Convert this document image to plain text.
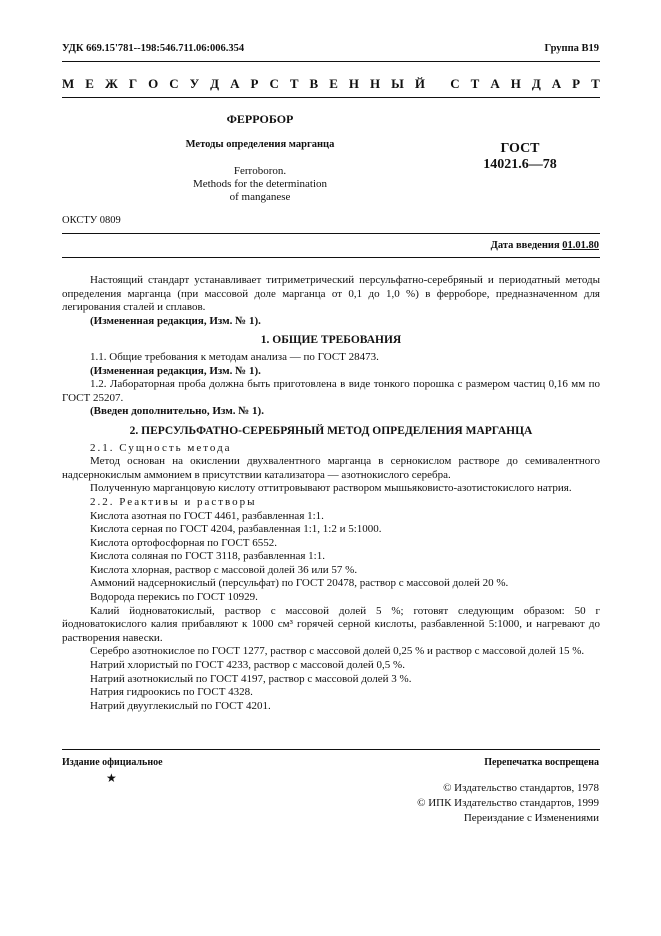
УДК 669.15'781--198:546.711.06:006.354	Группа В19
М Е Ж Г О С У Д А Р С Т В Е Н Н Ы Й
С Т А Н Д А Р Т
ФЕРРОБОР
Методы определения марганца
Ferroboron.
Methods for the determination
of manganese
ГОСТ
14021.6—78
ОКСТУ 0809
Дата введения 01.01.80

Настоящий стандарт устанавливает титриметрический персульфатно-серебряный и периодатный методы определения марганца (при массовой доле марганца от 0,1 до 1,0 %) в ферроборе, предназначенном для легирования сталей и сплавов.

(Измененная редакция, Изм. № 1).

1. ОБЩИЕ ТРЕБОВАНИЯ

1.1. Общие требования к методам анализа — по ГОСТ 28473.

(Измененная редакция, Изм. № 1).

1.2. Лабораторная проба должна быть приготовлена в виде тонкого порошка с размером частиц 0,16 мм по ГОСТ 25207.

(Введен дополнительно, Изм. № 1).

2. ПЕРСУЛЬФАТНО-СЕРЕБРЯНЫЙ МЕТОД ОПРЕДЕЛЕНИЯ МАРГАНЦА

2.1. Сущность метода

Метод основан на окислении двухвалентного марганца в сернокислом растворе до семивалентного надсернокислым аммонием в присутствии катализатора — азотнокислого серебра.

Полученную марганцовую кислоту оттитровывают раствором мышьяковисто-азотистокислого натрия.

2.2. Реактивы и растворы

Кислота азотная по ГОСТ 4461, разбавленная 1:1.

Кислота серная по ГОСТ 4204, разбавленная 1:1, 1:2 и 5:1000.

Кислота ортофосфорная по ГОСТ 6552.

Кислота соляная по ГОСТ 3118, разбавленная 1:1.

Кислота хлорная, раствор с массовой долей 36 или 57 %.

Аммоний надсернокислый (персульфат) по ГОСТ 20478, раствор с массовой долей 20 %.

Водорода перекись по ГОСТ 10929.

Калий йодноватокислый, раствор с массовой долей 5 %; готовят следующим образом: 50 г йодноватокислого калия прибавляют к 1000 см³ горячей серной кислоты, разбавленной 5:1000, и нагревают до растворения навески.

Серебро азотнокислое по ГОСТ 1277, раствор с массовой долей 0,25 % и раствор с массовой долей 15 %.

Натрий хлористый по ГОСТ 4233, раствор с массовой долей 0,5 %.

Натрий азотнокислый по ГОСТ 4197, раствор с массовой долей 3 %.

Натрия гидроокись по ГОСТ 4328.

Натрий двууглекислый по ГОСТ 4201.

Издание официальное	Перепечатка воспрещена
★
© Издательство стандартов, 1978
© ИПК Издательство стандартов, 1999
Переиздание с Изменениями
